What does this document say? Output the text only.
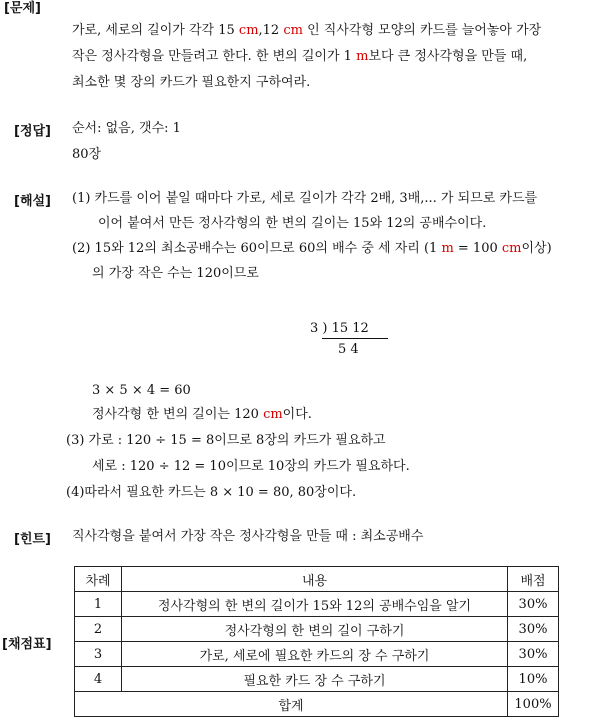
[문제]
가로, 세로의 길이가 각각 15 cm,12 cm 인 직사각형 모양의 카드를 늘어놓아 가장
작은 정사각형을 만들려고 한다. 한 변의 길이가 1 m보다 큰 정사각형을 만들 때,
최소한 몇 장의 카드가 필요한지 구하여라.
[정답] 순서: 없음, 갯수: 1
80장
[해설] (1) 카드를 이어 붙일 때마다 가로, 세로 길이가 각각 2배, 3배,... 가 되므로 카드를
이어 붙여서 만든 정사각형의 한 변의 길이는 15와 12의 공배수이다.
(2) 15와 12의 최소공배수는 60이므로 60의 배수 중 세 자리 (1 m = 100 cm이상)
의 가장 작은 수는 120이므로
3 ) 15 12
5 4
3 × 5 × 4 = 60
정사각형 한 변의 길이는 120 cm이다.
(3) 가로 : 120 ÷ 15 = 8이므로 8장의 카드가 필요하고
세로 : 120 ÷ 12 = 10이므로 10장의 카드가 필요하다.
(4)따라서 필요한 카드는 8 × 10 = 80, 80장이다.
[힌트] 직사각형을 붙여서 가장 작은 정사각형을 만들 때 : 최소공배수
[채점표]
차례	내용	배점
1	정사각형의 한 변의 길이가 15와 12의 공배수임을 알기	30%
2	정사각형의 한 변의 길이 구하기	30%
3	가로, 세로에 필요한 카드의 장 수 구하기	30%
4	필요한 카드 장 수 구하기	10%
합계		100%
